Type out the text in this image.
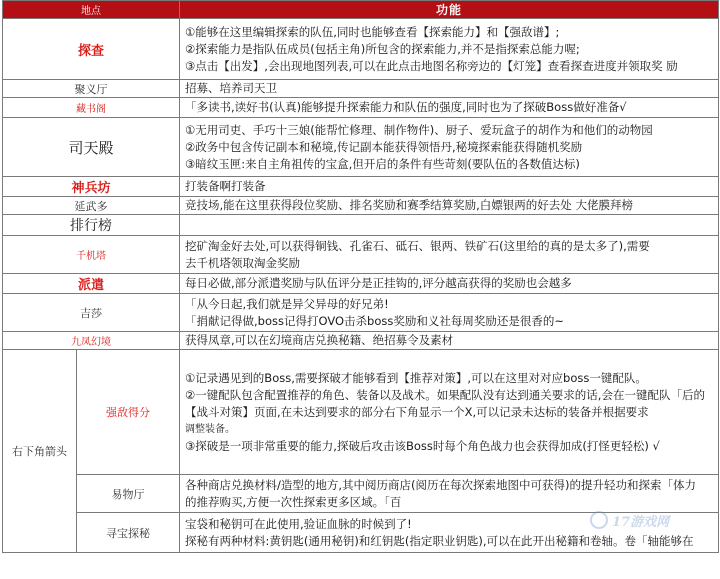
地点		功能
探查		①能够在这里编辑探索的队伍,同时也能够查看【探索能力】和【强敌谱】;
②探索能力是指队伍成员(包括主角)所包含的探索能力,并不是指探索总能力喔;
③点击【出发】,会出现地图列表,可以在此点击地图名称旁边的【灯笼】查看探查进度并领取奖 励

聚义厅		招募、培养司天卫
藏书阁		「多读书,读好书(认真)能够提升探索能力和队伍的强度,同时也为了探破Boss做好准备√
司天殿		①无用司吏、手巧十三娘(能帮忙修理、制作物件)、厨子、爱玩盒子的胡作为和他们的动物园
②政务中包含传记副本和秘境,传记副本能获得领悟丹,秘境探索能获得随机奖励
③暗纹玉匣:来自主角祖传的宝盒,但开启的条件有些苛刻(要队伍的各数值达标)

神兵坊		打装备啊打装备
延武多		竞技场,能在这里获得段位奖励、排名奖励和赛季结算奖励,白嫖银两的好去处 大佬膜拜榜
排行榜		
千机塔		挖矿淘金好去处,可以获得铜钱、孔雀石、砥石、银两、铁矿石(这里给的真的是太多了),需要
去千机塔领取淘金奖励

派遣		每日必做,部分派遣奖励与队伍评分是正挂钩的,评分越高获得的奖励也会越多
吉莎		「从今日起,我们就是异父异母的好兄弟!
「捐献记得做,boss记得打OVO击杀boss奖励和义社每周奖励还是很香的~

九凤幻境		获得凤章,可以在幻境商店兑换秘籍、绝招募令及素材
右下角箭头	强敌得分	①记录遇见到的Boss,需要探破才能够看到【推荐对策】,可以在这里对对应boss一键配队。
②一键配队包含配置推荐的角色、装备以及战术。如果配队没有达到通关要求的话,会在一键配队「后的
【战斗对策】页面,在未达到要求的部分右下角显示一个X,可以记录未达标的装备并根据要求
调整装备。
③探破是一项非常重要的能力,探破后攻击该Boss时每个角色战力也会获得加成(打怪更轻松) √

	易物厅	各种商店兑换材料/造型的地方,其中阅历商店(阅历在每次探索地图中可获得)的提升轻功和探索「体力
的推荐购买,方便一次性探索更多区域。「百

	寻宝探秘	宝袋和秘钥可在此使用,验证血脉的时候到了!
探秘有两种材料:黄钥匙(通用秘钥)和红钥匙(指定职业钥匙),可以在此开出秘籍和卷轴。卷「轴能够在
17游戏网
